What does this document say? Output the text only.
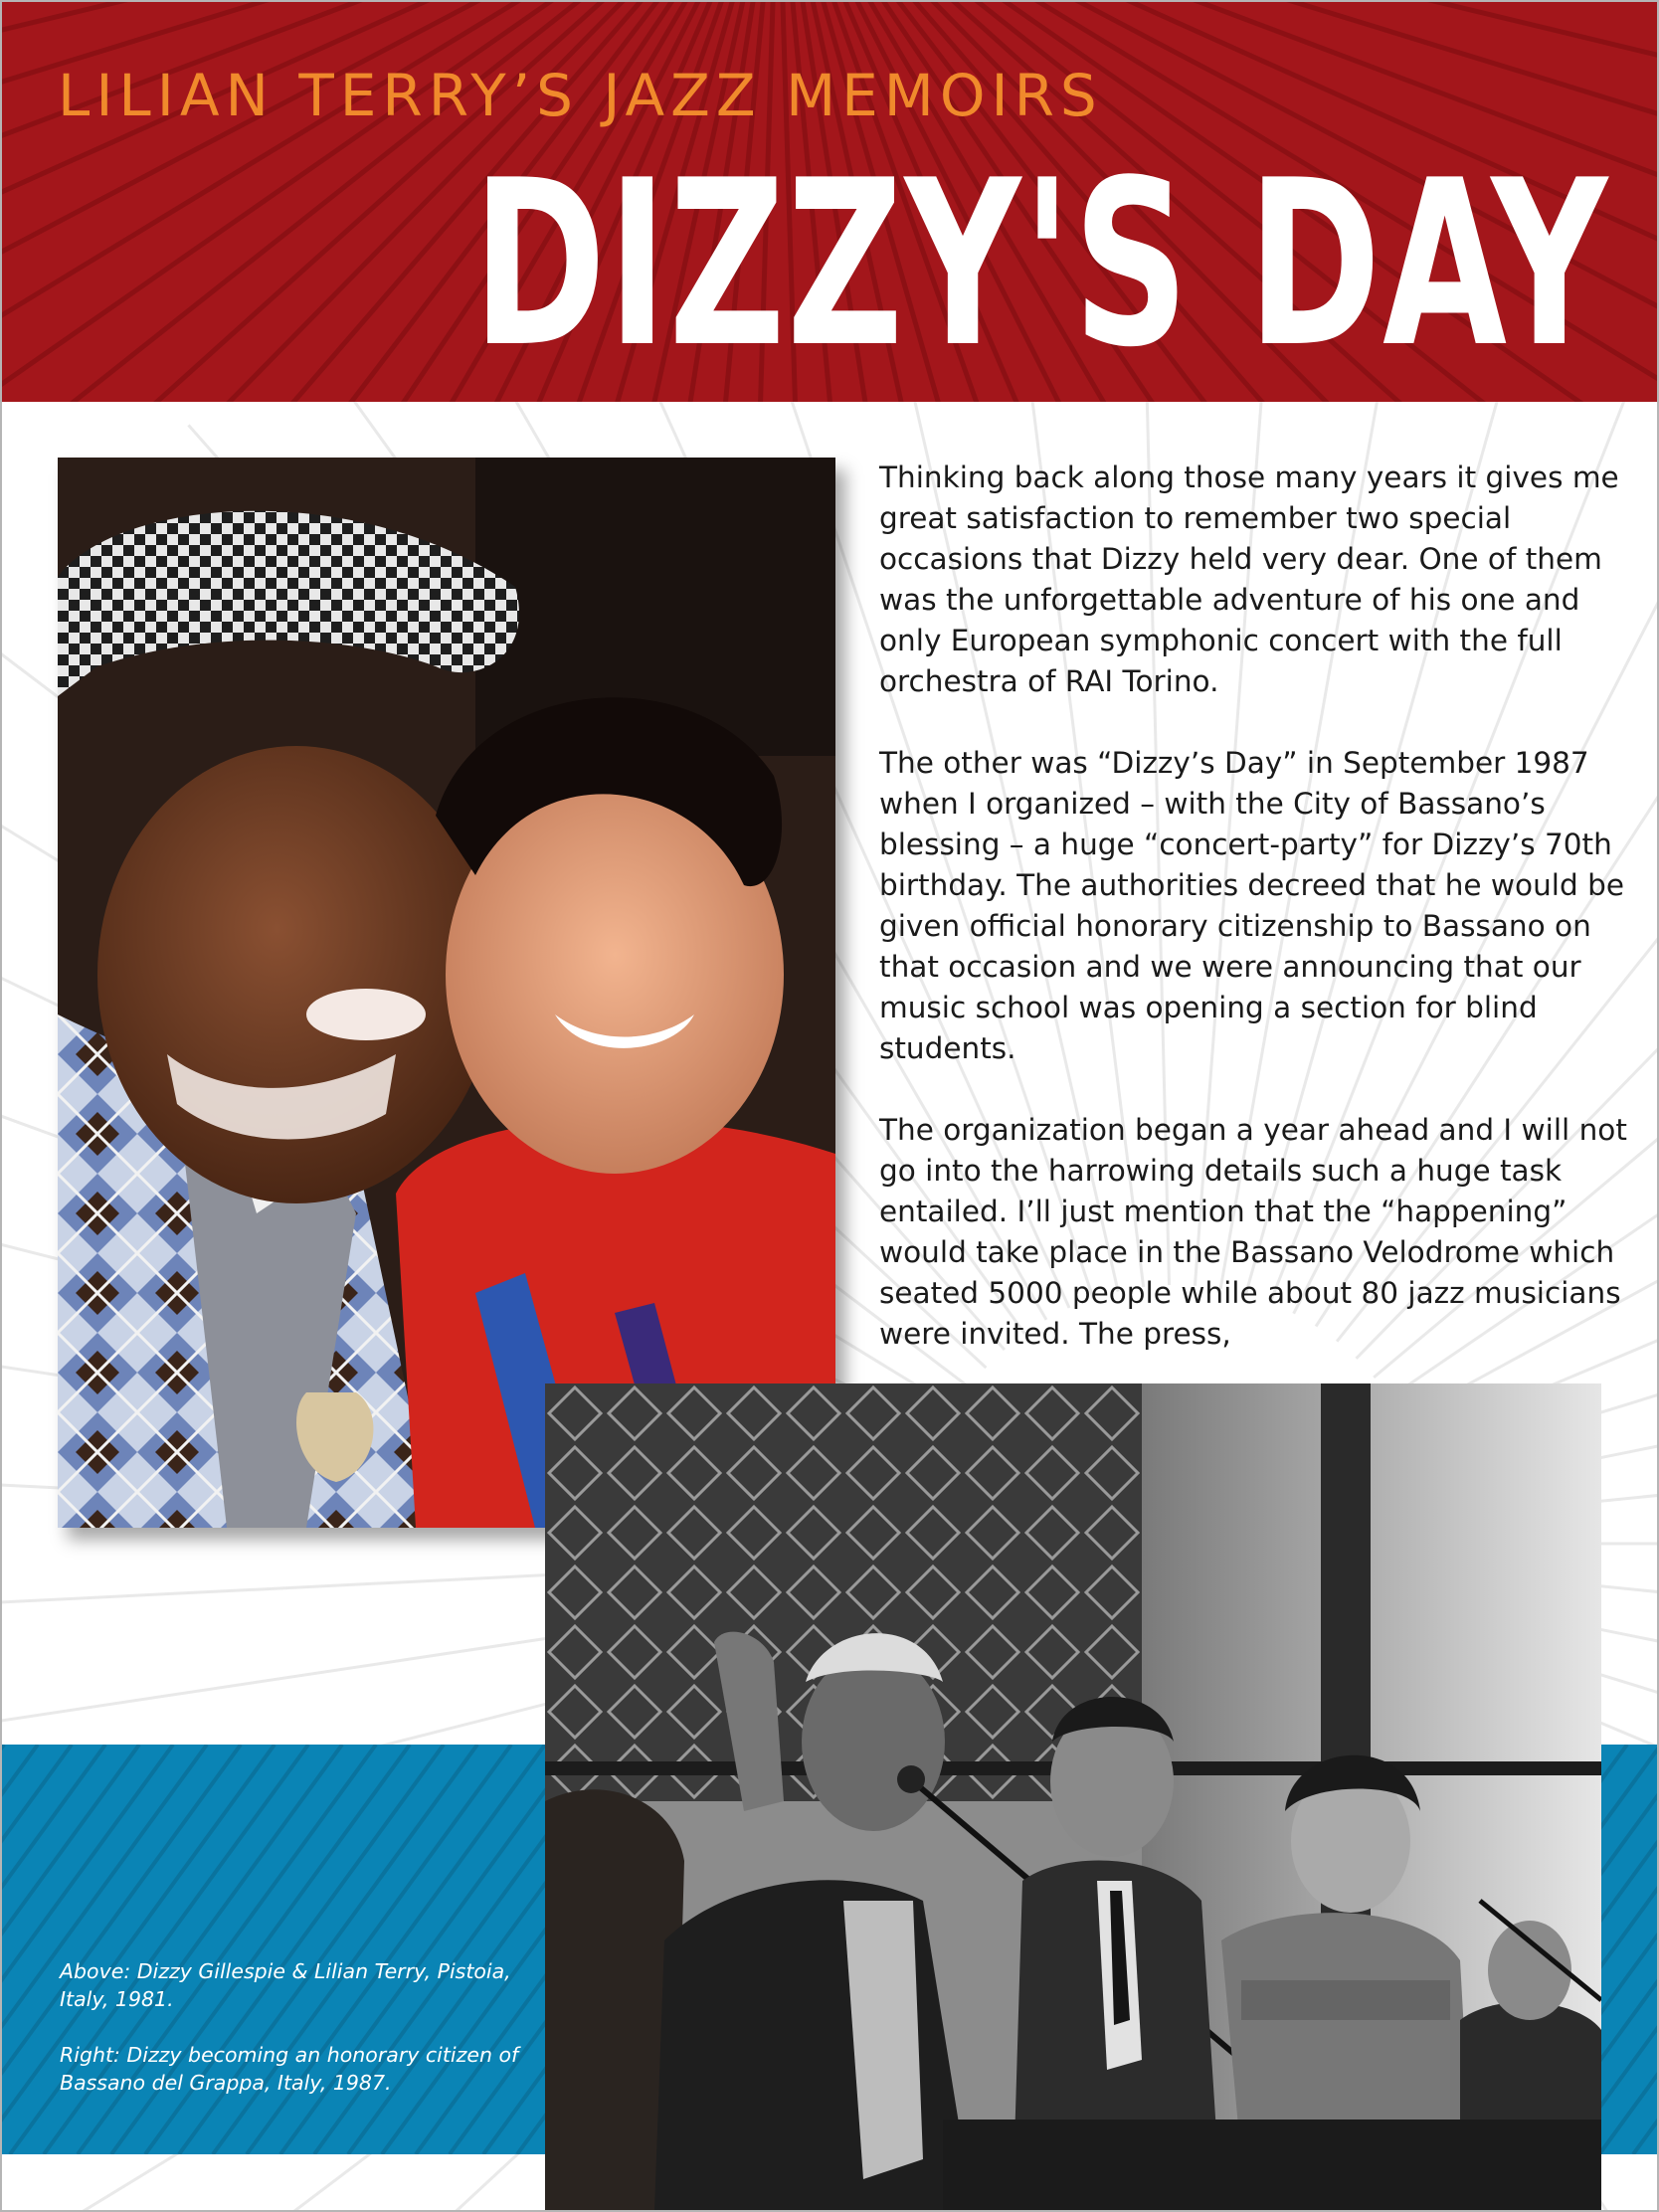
LILIAN TERRY’S JAZZ MEMOIRS
DIZZY'S DAY

Thinking back along those many years it gives me great satisfaction to remember two special occasions that Dizzy held very dear. One of them was the unforgettable adventure of his one and only European symphonic concert with the full orchestra of RAI Torino.

The other was “Dizzy’s Day” in September 1987 when I organized – with the City of Bassano’s blessing – a huge “concert-party” for Dizzy’s 70th birthday. The authorities decreed that he would be given official honorary citizenship to Bassano on that occasion and we were announcing that our music school was opening a section for blind students.

The organization began a year ahead and I will not go into the harrowing details such a huge task entailed. I’ll just mention that the “happening” would take place in the Bassano Velodrome which seated 5000 people while about 80 jazz musicians were invited. The press,

Above: Dizzy Gillespie & Lilian Terry, Pistoia, Italy, 1981.

Right: Dizzy becoming an honorary citizen of Bassano del Grappa, Italy, 1987.
